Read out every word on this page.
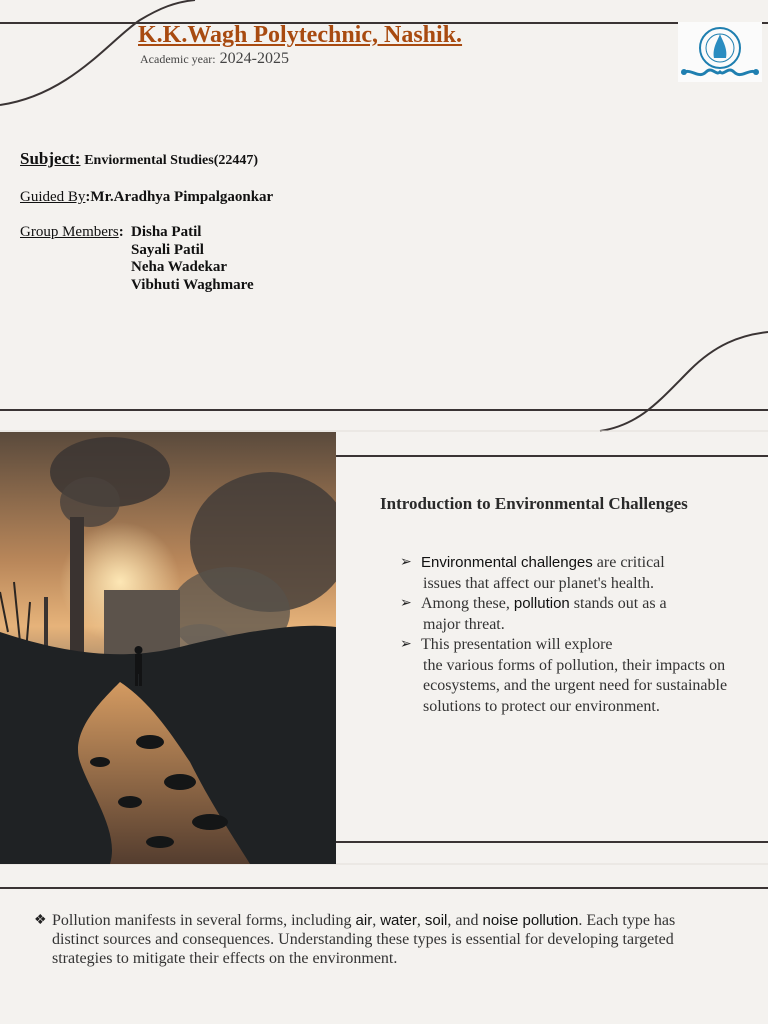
K.K.Wagh Polytechnic, Nashik.
Academic year: 2024-2025
Subject: Enviormental Studies(22447)
Guided By:Mr.Aradhya Pimpalgaonkar
Group Members: Disha Patil
Sayali Patil
Neha Wadekar
Vibhuti Waghmare
Introduction to Environmental Challenges
➢ Environmental challenges are critical
issues that affect our planet's health.
➢ Among these, pollution stands out as a
major threat.
➢ This presentation will explore
the various forms of pollution, their impacts on ecosystems, and the urgent need for sustainable solutions to protect our environment.
❖ Pollution manifests in several forms, including air, water, soil, and noise pollution. Each type has distinct sources and consequences. Understanding these types is essential for developing targeted strategies to mitigate their effects on the environment.
